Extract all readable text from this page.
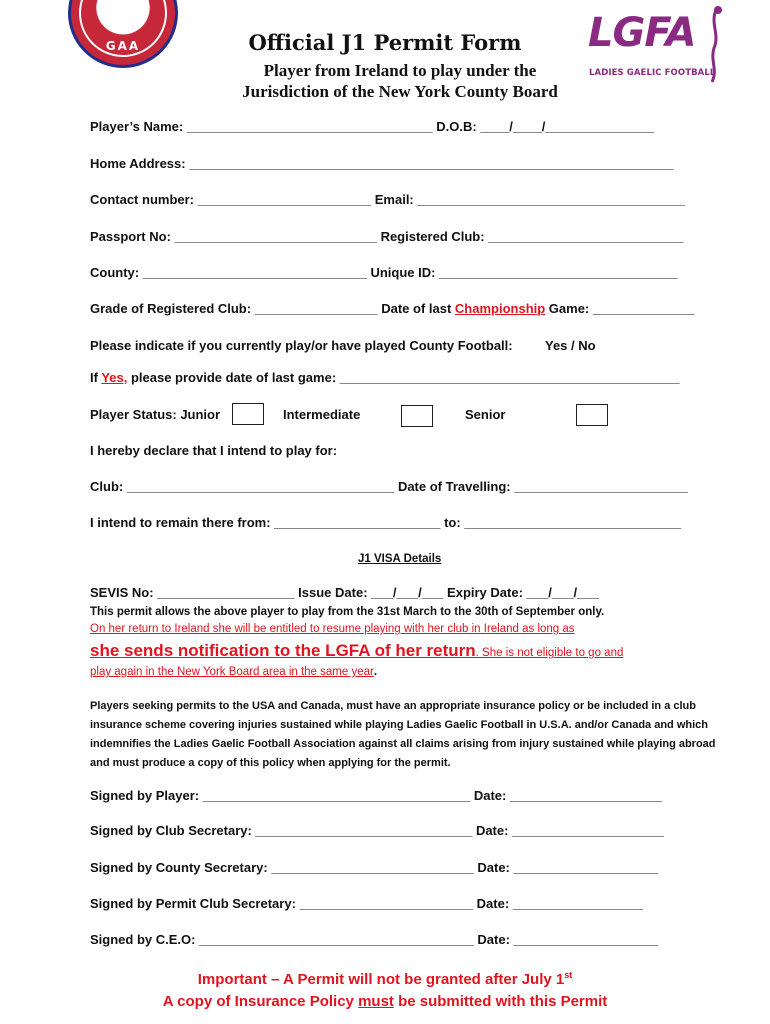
GAA	LGFA
LADIES GAELIC FOOTBALL
Official J1 Permit Form
Player from Ireland to play under the
Jurisdiction of the New York County Board
Player’s Name: __________________________________ D.O.B: ____/____/_______________
Home Address: ___________________________________________________________________
Contact number: ________________________ Email: _____________________________________
Passport No: ____________________________ Registered Club: ___________________________
County: _______________________________ Unique ID: _________________________________
Grade of Registered Club: _________________ Date of last Championship Game: ______________
Please indicate if you currently play/or have played County Football: Yes / No
If Yes, please provide date of last game: _______________________________________________
Player Status: Junior	Intermediate	Senior
I hereby declare that I intend to play for:
Club: _____________________________________ Date of Travelling: ________________________
I intend to remain there from: _______________________ to: ______________________________
J1 VISA Details
SEVIS No: ___________________ Issue Date: ___/___/___ Expiry Date: ___/___/___
This permit allows the above player to play from the 31st March to the 30th of September only.
On her return to Ireland she will be entitled to resume playing with her club in Ireland as long as
she sends notification to the LGFA of her return. She is not eligible to go and
play again in the New York Board area in the same year.
Players seeking permits to the USA and Canada, must have an appropriate insurance policy or be included in a club insurance scheme covering injuries sustained while playing Ladies Gaelic Football in U.S.A. and/or Canada and which indemnifies the Ladies Gaelic Football Association against all claims arising from injury sustained while playing abroad and must produce a copy of this policy when applying for the permit.
Signed by Player: _____________________________________ Date: _____________________
Signed by Club Secretary: ______________________________ Date: _____________________
Signed by County Secretary: ____________________________ Date: ____________________
Signed by Permit Club Secretary: ________________________ Date: __________________
Signed by C.E.O: ______________________________________ Date: ____________________
Important – A Permit will not be granted after July 1st
A copy of Insurance Policy must be submitted with this Permit
